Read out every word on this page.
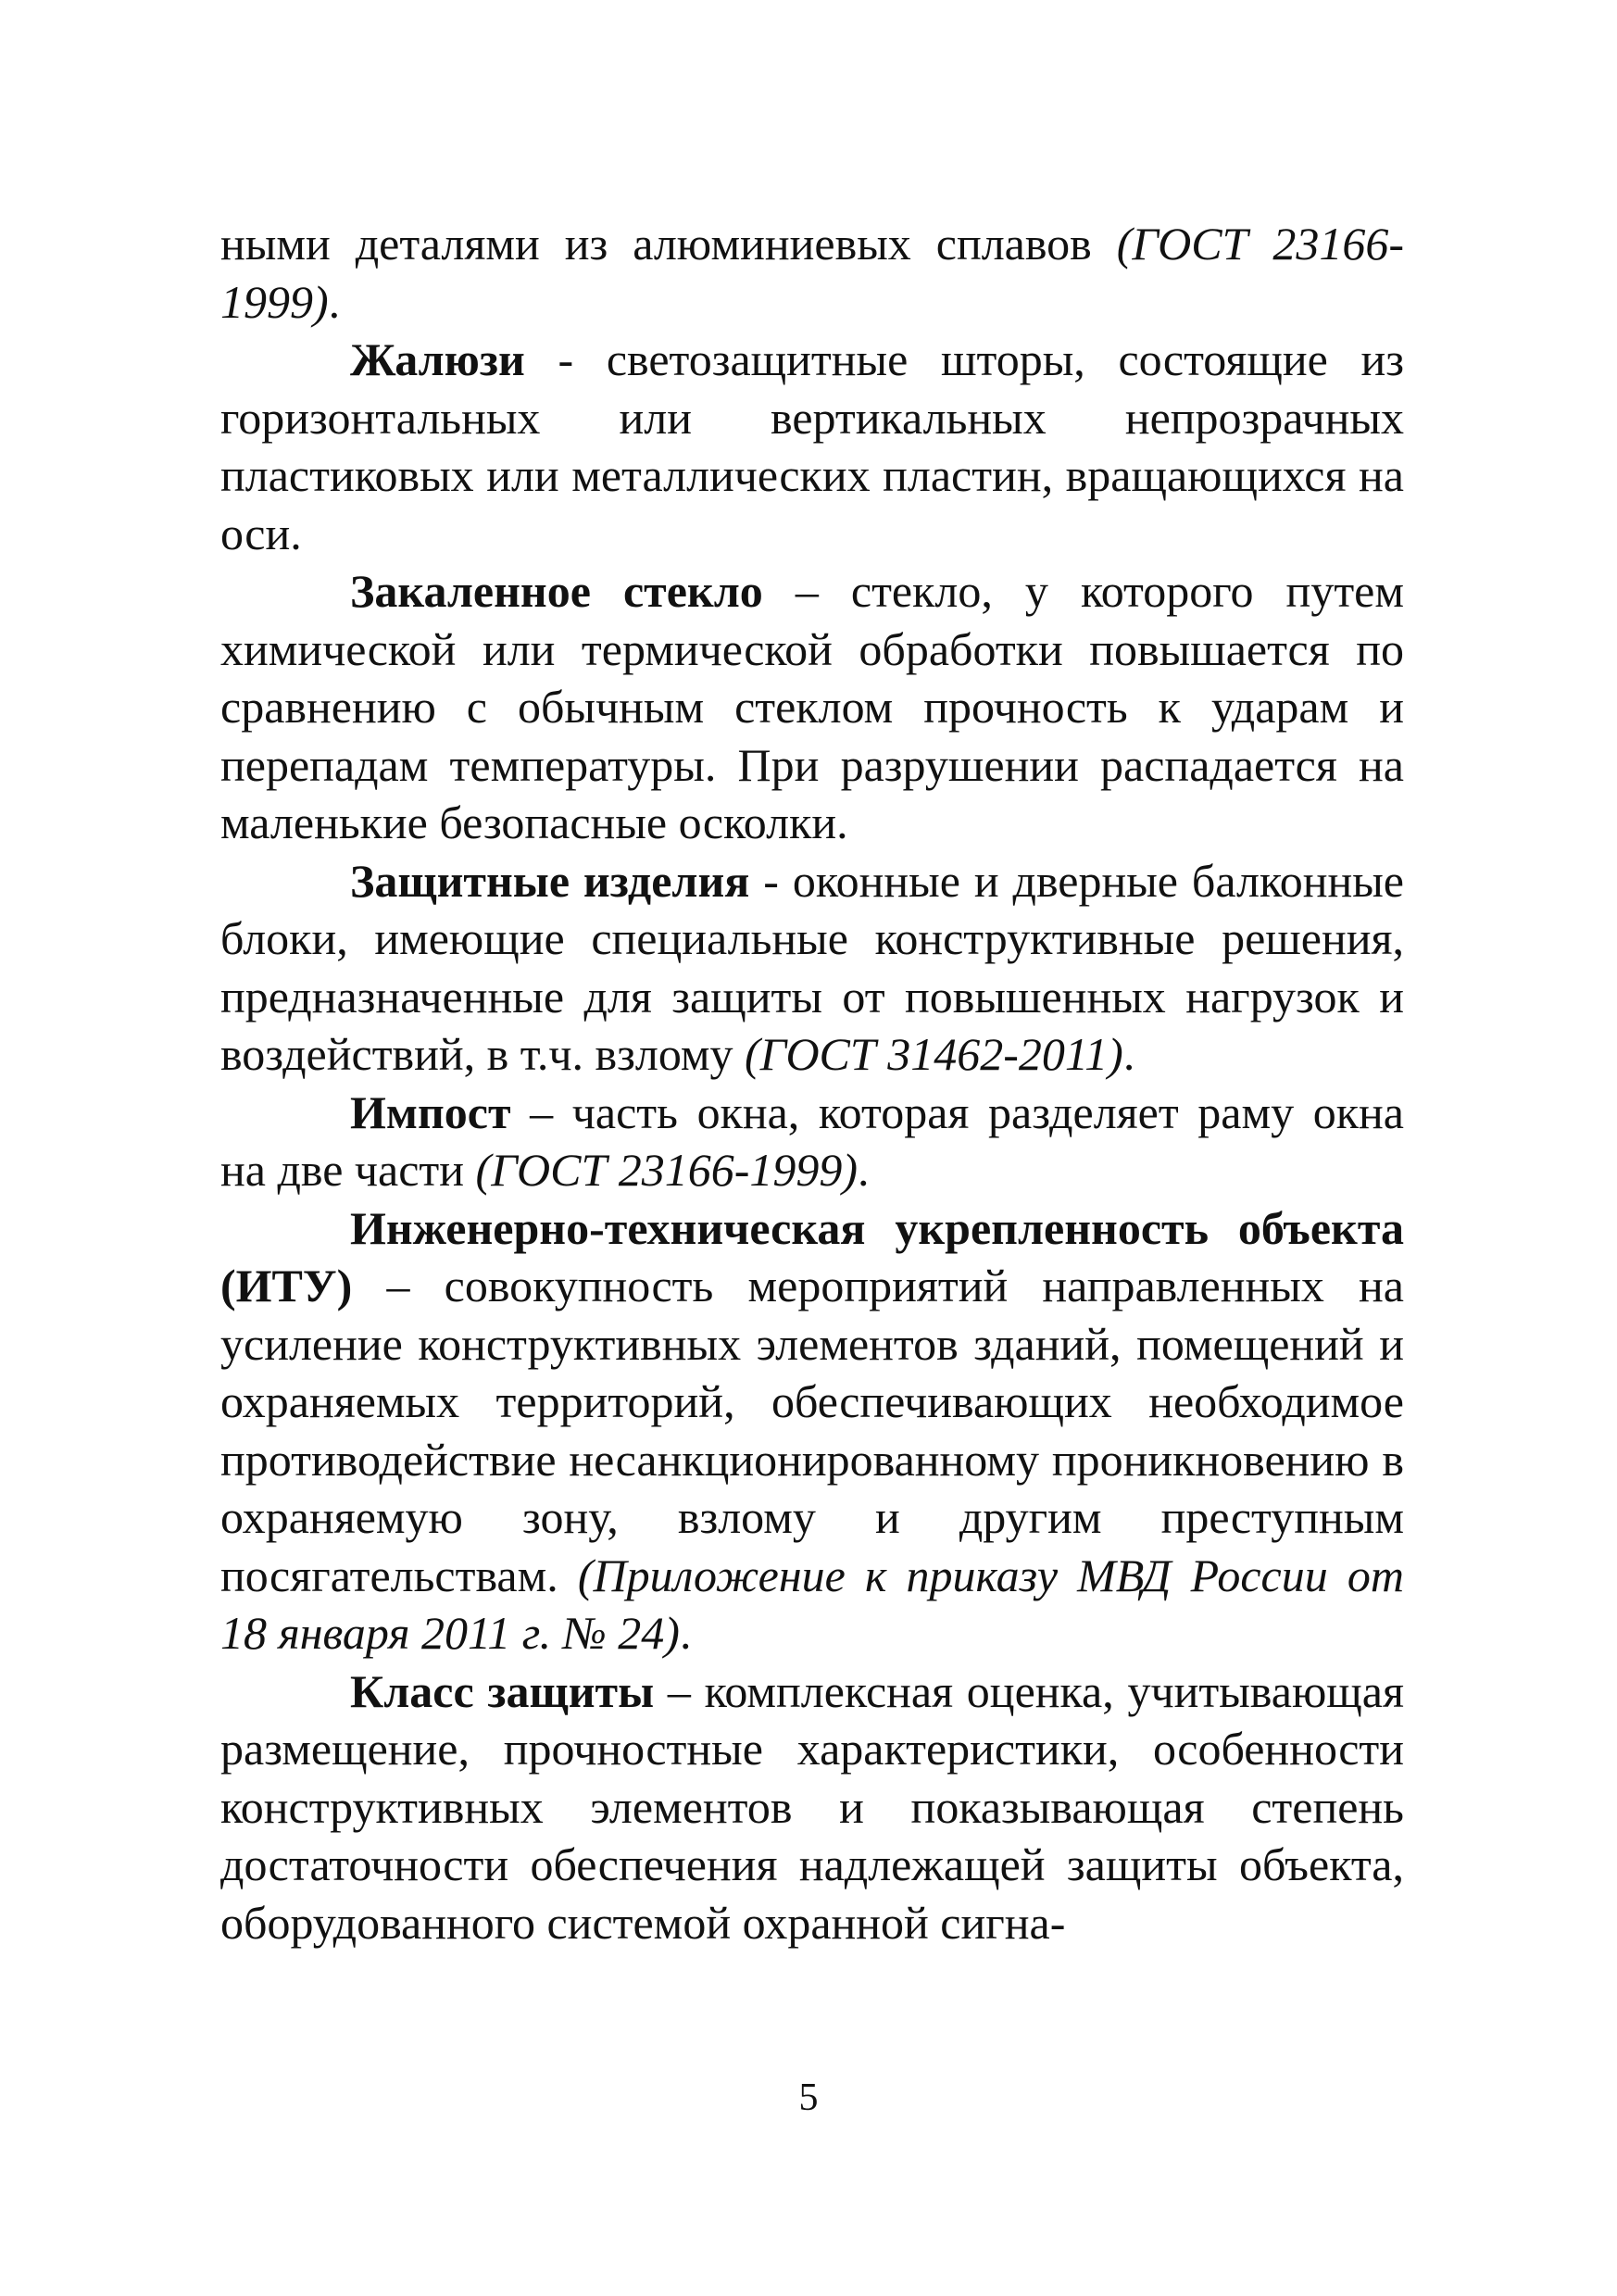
ными деталями из алюминиевых сплавов (ГОСТ 23166-1999).

Жалюзи - светозащитные шторы, состоящие из горизонтальных или вертикальных непрозрачных пластиковых или металлических пластин, вращающихся на оси.

Закаленное стекло – стекло, у которого путем химической или термической обработки повышается по сравнению с обычным стеклом прочность к ударам и перепадам температуры. При разрушении распадается на маленькие безопасные осколки.

Защитные изделия - оконные и дверные балконные блоки, имеющие специальные конструктивные решения, предназначенные для защиты от повышенных нагрузок и воздействий, в т.ч. взлому (ГОСТ 31462-2011).

Импост – часть окна, которая разделяет раму окна на две части (ГОСТ 23166-1999).

Инженерно-техническая укрепленность объекта (ИТУ) – совокупность мероприятий направленных на усиление конструктивных элементов зданий, помещений и охраняемых территорий, обеспечивающих необходимое противодействие несанкционированному проникновению в охраняемую зону, взлому и другим преступным посягательствам. (Приложение к приказу МВД России от 18 января 2011 г. № 24).

Класс защиты – комплексная оценка, учитывающая размещение, прочностные характеристики, особенности конструктивных элементов и показывающая степень достаточности обеспечения надлежащей защиты объекта, оборудованного системой охранной сигна-

5
